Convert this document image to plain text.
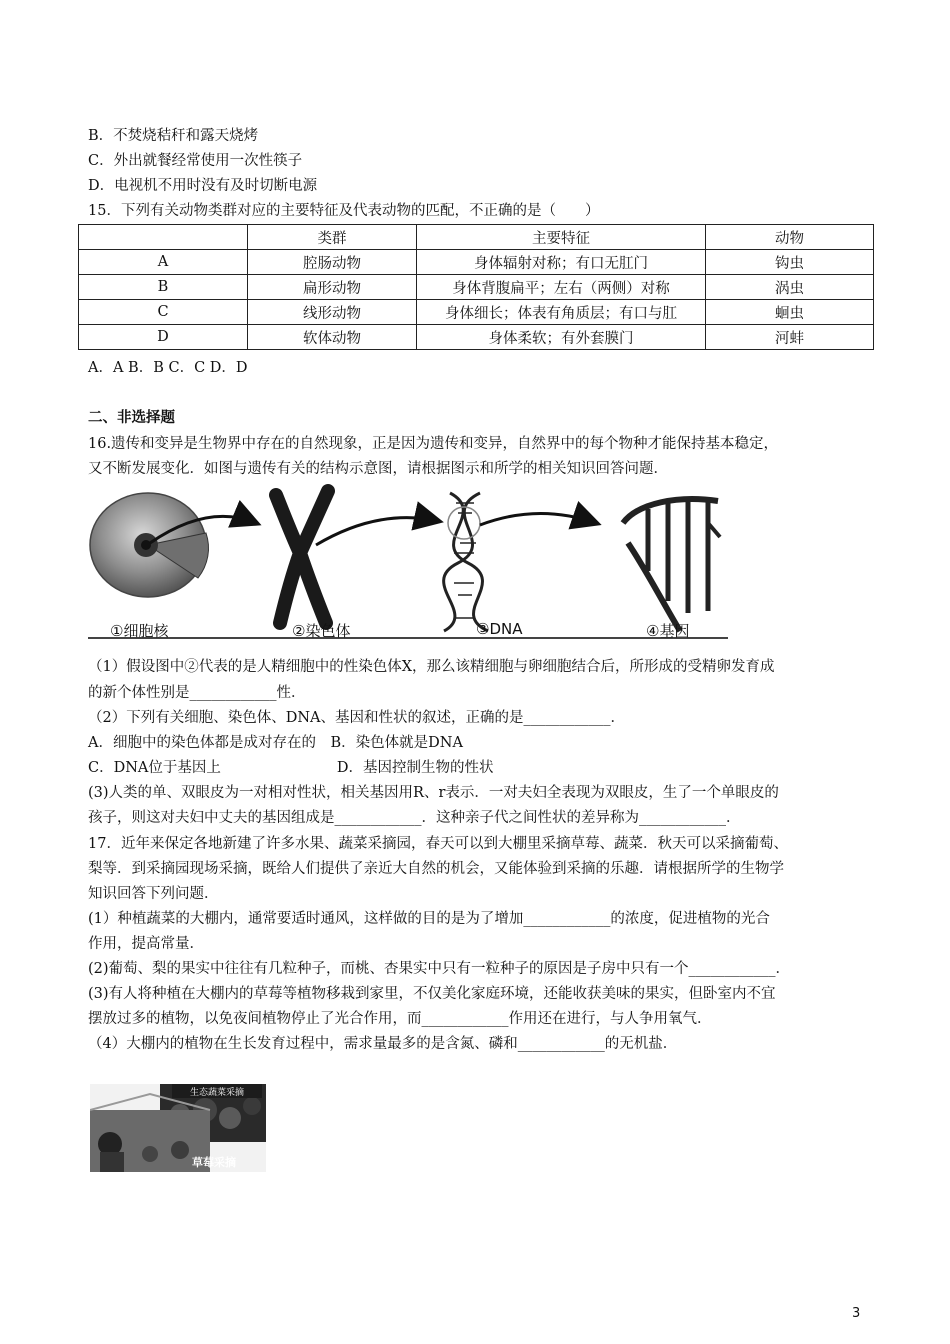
B．不焚烧秸秆和露天烧烤
C．外出就餐经常使用一次性筷子
D．电视机不用时没有及时切断电源
15．下列有关动物类群对应的主要特征及代表动物的匹配，不正确的是（　　）
	类群	主要特征	动物
A	腔肠动物	身体辐射对称；有口无肛门	钩虫
B	扁形动物	身体背腹扁平；左右（两侧）对称	涡虫
C	线形动物	身体细长；体表有角质层；有口与肛	蛔虫
D	软体动物	身体柔软；有外套膜门	河蚌
A．A B．B C．C D．D
二、非选择题
16.遗传和变异是生物界中存在的自然现象，正是因为遗传和变异，自然界中的每个物种才能保持基本稳定，
又不断发展变化．如图与遗传有关的结构示意图，请根据图示和所学的相关知识回答问题．
①细胞核	②染色体	③DNA	④基因
（1）假设图中②代表的是人精细胞中的性染色体X，那么该精细胞与卵细胞结合后，所形成的受精卵发育成
的新个体性别是____________性．
（2）下列有关细胞、染色体、DNA、基因和性状的叙述，正确的是____________．
A．细胞中的染色体都是成对存在的　B．染色体就是DNA
C．DNA位于基因上　　　　　　　　D．基因控制生物的性状
(3)人类的单、双眼皮为一对相对性状，相关基因用R、r表示．一对夫妇全表现为双眼皮，生了一个单眼皮的
孩子，则这对夫妇中丈夫的基因组成是____________．这种亲子代之间性状的差异称为____________．
17．近年来保定各地新建了许多水果、蔬菜采摘园，春天可以到大棚里采摘草莓、蔬菜．秋天可以采摘葡萄、
梨等．到采摘园现场采摘，既给人们提供了亲近大自然的机会，又能体验到采摘的乐趣．请根据所学的生物学
知识回答下列问题．
(1）种植蔬菜的大棚内，通常要适时通风，这样做的目的是为了增加____________的浓度，促进植物的光合
作用，提高常量．
(2)葡萄、梨的果实中往往有几粒种子，而桃、杏果实中只有一粒种子的原因是子房中只有一个____________．
(3)有人将种植在大棚内的草莓等植物移栽到家里，不仅美化家庭环境，还能收获美味的果实，但卧室内不宜
摆放过多的植物，以免夜间植物停止了光合作用，而____________作用还在进行，与人争用氧气．
（4）大棚内的植物在生长发育过程中，需求量最多的是含氮、磷和____________的无机盐．
生态蔬菜采摘
草莓采摘
3
